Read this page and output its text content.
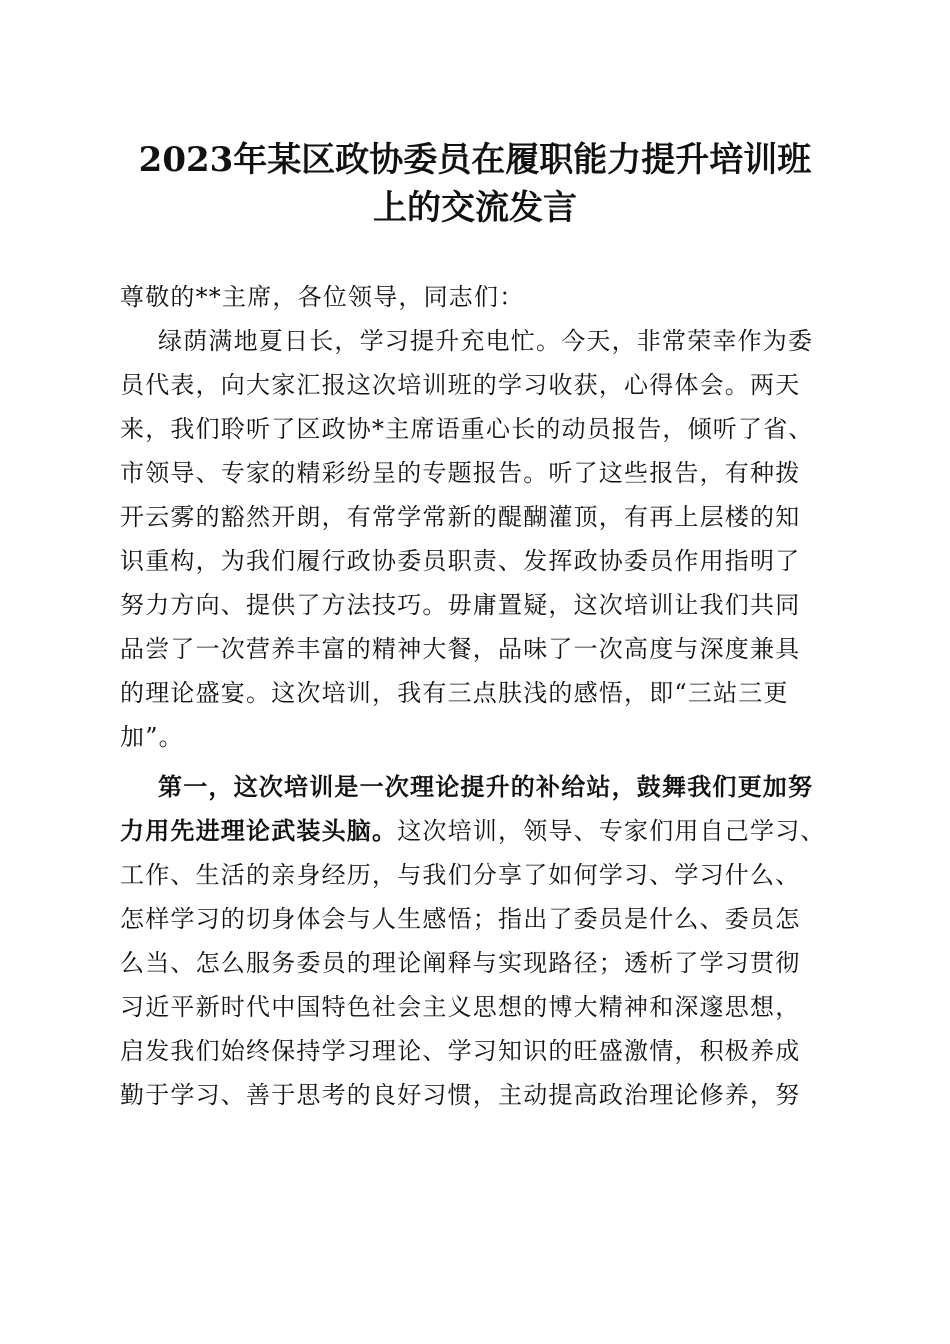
2023年某区政协委员在履职能力提升培训班
上的交流发言
尊敬的**主席，各位领导，同志们：
绿荫满地夏日长，学习提升充电忙。今天，非常荣幸作为委
员代表，向大家汇报这次培训班的学习收获，心得体会。两天
来，我们聆听了区政协*主席语重心长的动员报告，倾听了省、
市领导、专家的精彩纷呈的专题报告。听了这些报告，有种拨
开云雾的豁然开朗，有常学常新的醍醐灌顶，有再上层楼的知
识重构，为我们履行政协委员职责、发挥政协委员作用指明了
努力方向、提供了方法技巧。毋庸置疑，这次培训让我们共同
品尝了一次营养丰富的精神大餐，品味了一次高度与深度兼具
的理论盛宴。这次培训，我有三点肤浅的感悟，即“三站三更
加”。
第一，这次培训是一次理论提升的补给站，鼓舞我们更加努
力用先进理论武装头脑。这次培训，领导、专家们用自己学习、
工作、生活的亲身经历，与我们分享了如何学习、学习什么、
怎样学习的切身体会与人生感悟；指出了委员是什么、委员怎
么当、怎么服务委员的理论阐释与实现路径；透析了学习贯彻
习近平新时代中国特色社会主义思想的博大精神和深邃思想，
启发我们始终保持学习理论、学习知识的旺盛激情，积极养成
勤于学习、善于思考的良好习惯，主动提高政治理论修养，努
